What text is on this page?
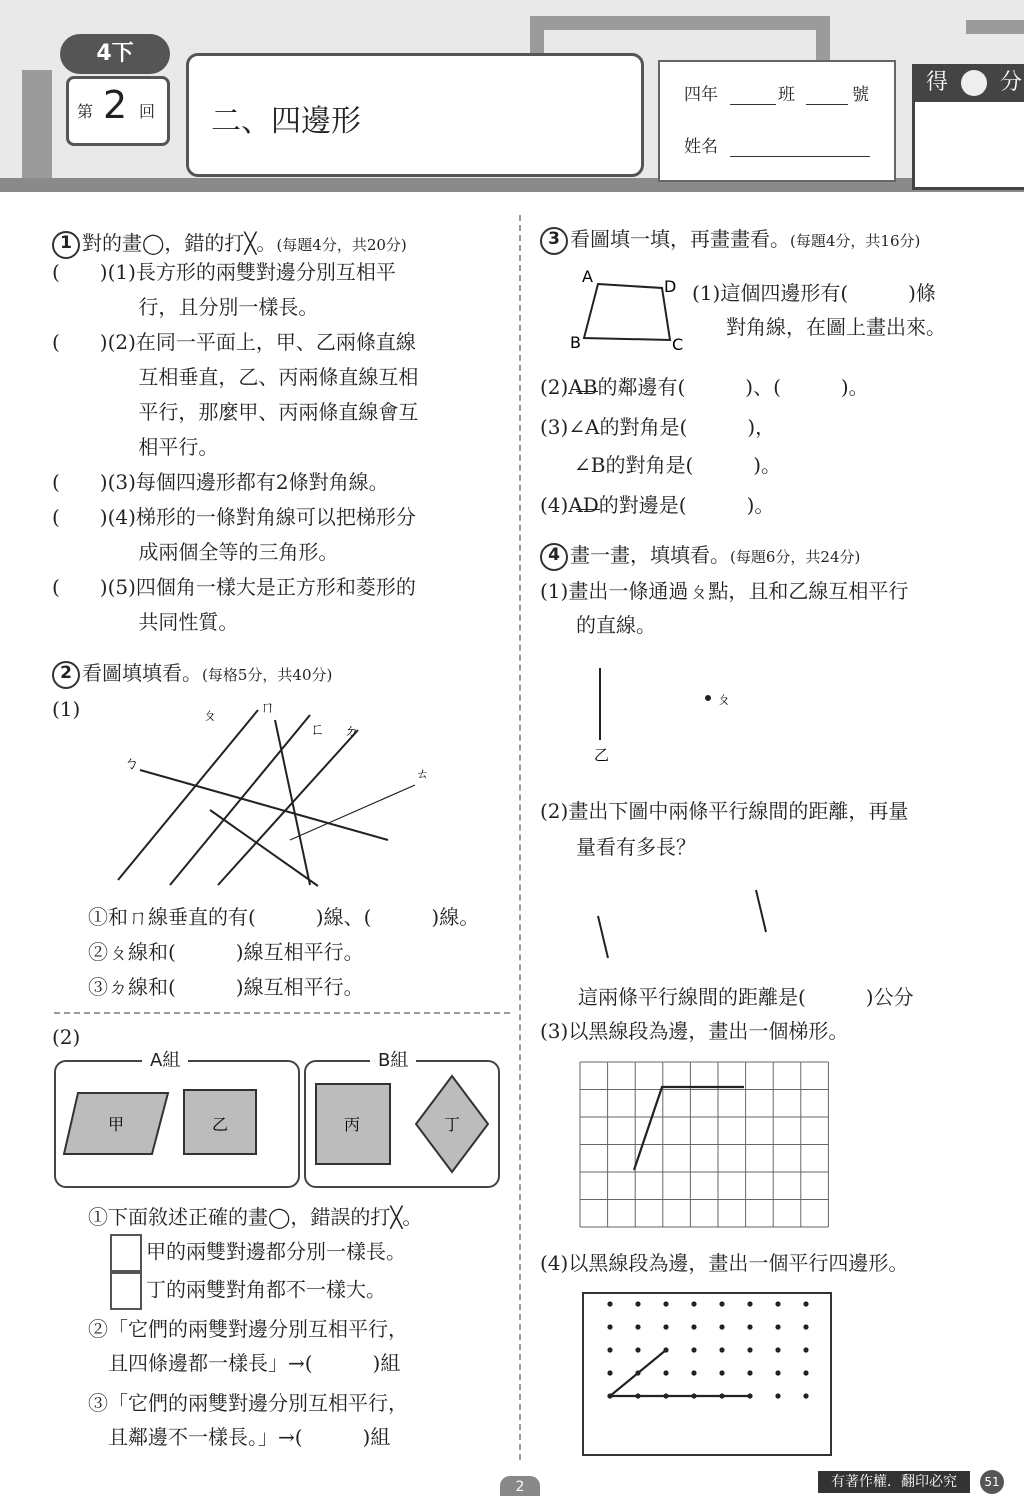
4下
第 2 回 二、四邊形
四年	班	號
姓名
得 分
1 對的畫◯，錯的打╳。(每題4分，共20分)
(　　)(1)長方形的兩雙對邊分別互相平
　　　　 行，且分別一樣長。
(　　)(2)在同一平面上，甲、乙兩條直線
　　　　 互相垂直，乙、丙兩條直線互相
　　　　 平行，那麼甲、丙兩條直線會互
　　　　 相平行。
(　　)(3)每個四邊形都有2條對角線。
(　　)(4)梯形的一條對角線可以把梯形分
　　　　 成兩個全等的三角形。
(　　)(5)四個角一樣大是正方形和菱形的
　　　　 共同性質。
2 看圖填填看。(每格5分，共40分)
(1)
ㄅ
ㄆ	ㄇ
ㄈ ㄉ
ㄊ
①和ㄇ線垂直的有(　　　)線、(　　　)線。
②ㄆ線和(　　　)線互相平行。
③ㄉ線和(　　　)線互相平行。
(2)
A組	B組
甲	乙	丙	丁
①下面敘述正確的畫◯，錯誤的打╳。
甲的兩雙對邊都分別一樣長。
丁的兩雙對角都不一樣大。
②「它們的兩雙對邊分別互相平行，
　且四條邊都一樣長」→(　　　)組
③「它們的兩雙對邊分別互相平行，
　且鄰邊不一樣長。」→(　　　)組
3 看圖填一填，再畫畫看。(每題4分，共16分)
A
D
B	C
(1)這個四邊形有(　　　)條
對角線，在圖上畫出來。
(2)AB的鄰邊有(　　　)、(　　　)。
(3)∠A的對角是(　　　)，
∠B的對角是(　　　)。
(4)AD的對邊是(　　　)。
4 畫一畫，填填看。(每題6分，共24分)
(1)畫出一條通過ㄆ點，且和乙線互相平行
的直線。
ㄆ
乙
(2)畫出下圖中兩條平行線間的距離，再量
量看有多長？
這兩條平行線間的距離是(　　　)公分
(3)以黑線段為邊，畫出一個梯形。
(4)以黑線段為邊，畫出一個平行四邊形。
2	有著作權．翻印必究	51
